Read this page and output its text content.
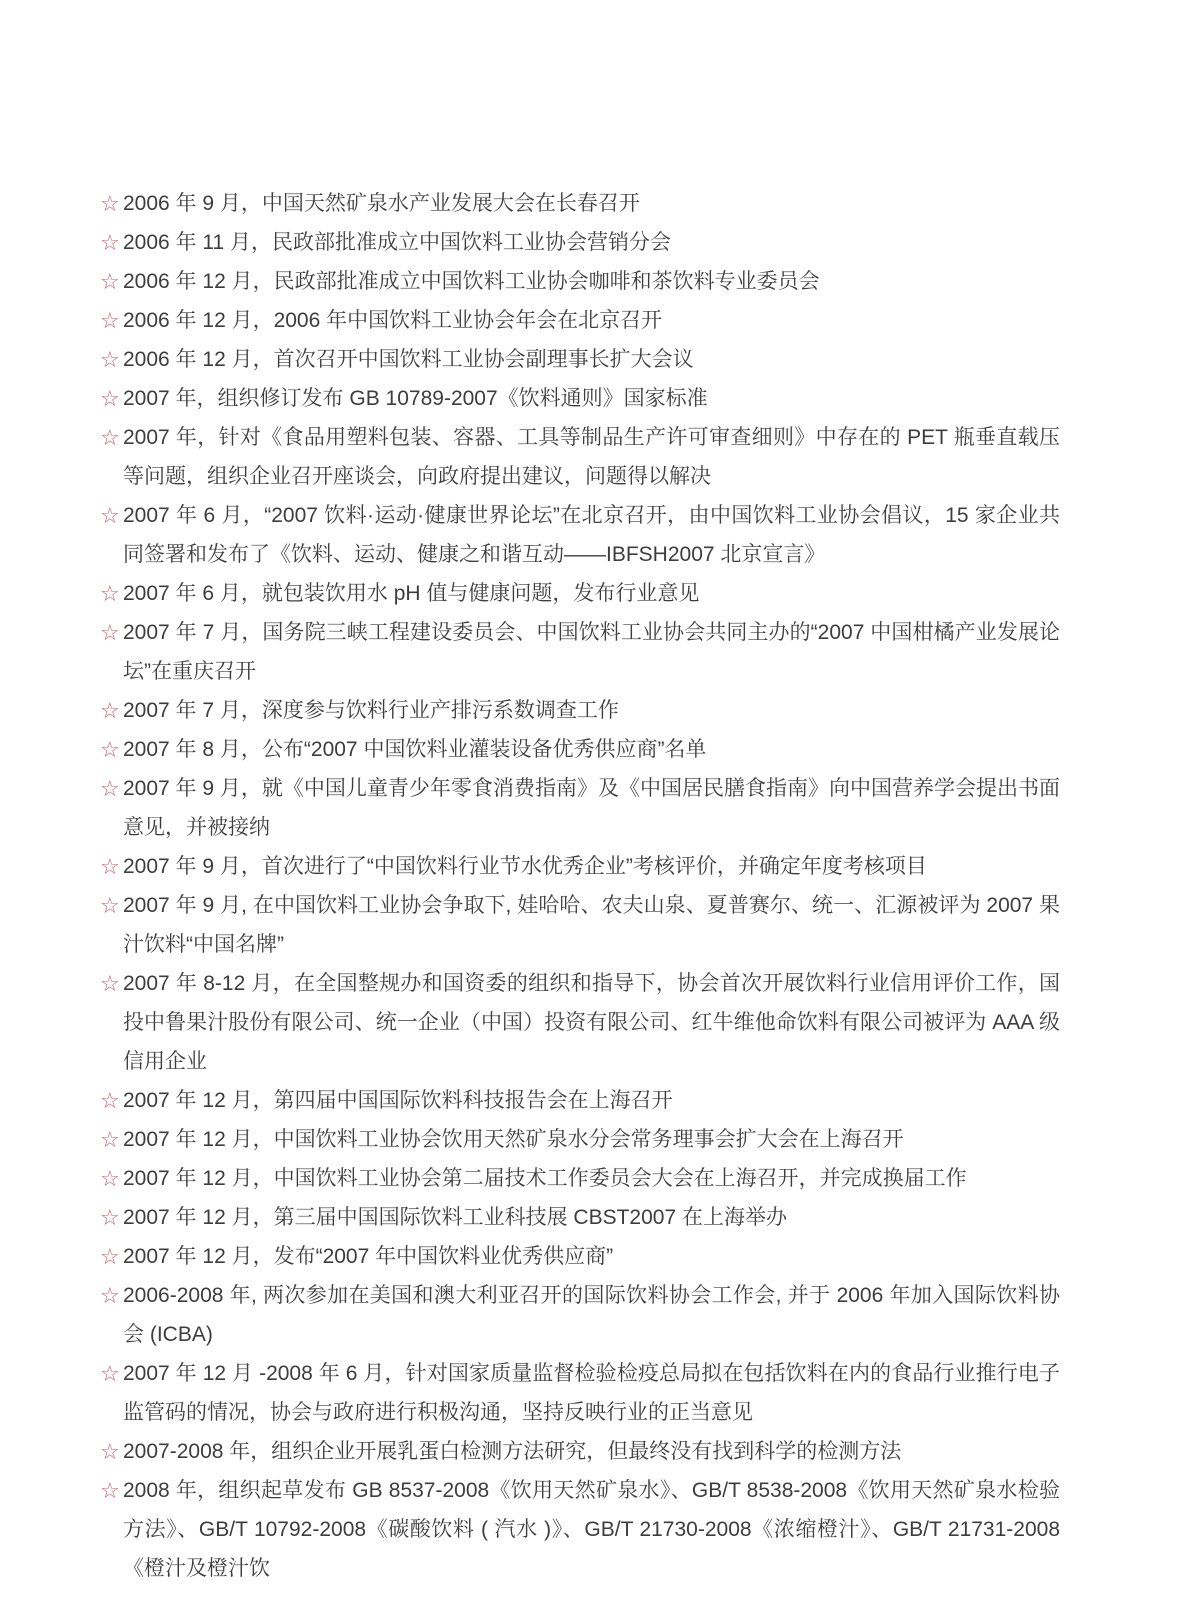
☆ 2006 年 9 月，中国天然矿泉水产业发展大会在长春召开

☆ 2006 年 11 月，民政部批准成立中国饮料工业协会营销分会

☆ 2006 年 12 月，民政部批准成立中国饮料工业协会咖啡和茶饮料专业委员会

☆ 2006 年 12 月，2006 年中国饮料工业协会年会在北京召开

☆ 2006 年 12 月，首次召开中国饮料工业协会副理事长扩大会议

☆ 2007 年，组织修订发布 GB 10789-2007《饮料通则》国家标准

☆ 2007 年，针对《食品用塑料包装、容器、工具等制品生产许可审查细则》中存在的 PET 瓶垂直载压等问题，组织企业召开座谈会，向政府提出建议，问题得以解决

☆ 2007 年 6 月，“2007 饮料·运动·健康世界论坛”在北京召开，由中国饮料工业协会倡议，15 家企业共同签署和发布了《饮料、运动、健康之和谐互动——IBFSH2007 北京宣言》

☆ 2007 年 6 月，就包装饮用水 pH 值与健康问题，发布行业意见

☆ 2007 年 7 月，国务院三峡工程建设委员会、中国饮料工业协会共同主办的“2007 中国柑橘产业发展论坛”在重庆召开

☆ 2007 年 7 月，深度参与饮料行业产排污系数调查工作

☆ 2007 年 8 月，公布“2007 中国饮料业灌装设备优秀供应商”名单

☆ 2007 年 9 月，就《中国儿童青少年零食消费指南》及《中国居民膳食指南》向中国营养学会提出书面意见，并被接纳

☆ 2007 年 9 月，首次进行了“中国饮料行业节水优秀企业”考核评价，并确定年度考核项目

☆ 2007 年 9 月, 在中国饮料工业协会争取下, 娃哈哈、农夫山泉、夏普赛尔、统一、汇源被评为 2007 果汁饮料“中国名牌”

☆ 2007 年 8-12 月，在全国整规办和国资委的组织和指导下，协会首次开展饮料行业信用评价工作，国投中鲁果汁股份有限公司、统一企业（中国）投资有限公司、红牛维他命饮料有限公司被评为 AAA 级信用企业

☆ 2007 年 12 月，第四届中国国际饮料科技报告会在上海召开

☆ 2007 年 12 月，中国饮料工业协会饮用天然矿泉水分会常务理事会扩大会在上海召开

☆ 2007 年 12 月，中国饮料工业协会第二届技术工作委员会大会在上海召开，并完成换届工作

☆ 2007 年 12 月，第三届中国国际饮料工业科技展 CBST2007 在上海举办

☆ 2007 年 12 月，发布“2007 年中国饮料业优秀供应商”

☆ 2006-2008 年, 两次参加在美国和澳大利亚召开的国际饮料协会工作会, 并于 2006 年加入国际饮料协会 (ICBA)

☆ 2007 年 12 月 -2008 年 6 月，针对国家质量监督检验检疫总局拟在包括饮料在内的食品行业推行电子监管码的情况，协会与政府进行积极沟通，坚持反映行业的正当意见

☆ 2007-2008 年，组织企业开展乳蛋白检测方法研究，但最终没有找到科学的检测方法

☆ 2008 年，组织起草发布 GB 8537-2008《饮用天然矿泉水》、GB/T 8538-2008《饮用天然矿泉水检验方法》、GB/T 10792-2008《碳酸饮料 ( 汽水 )》、GB/T 21730-2008《浓缩橙汁》、GB/T 21731-2008《橙汁及橙汁饮
